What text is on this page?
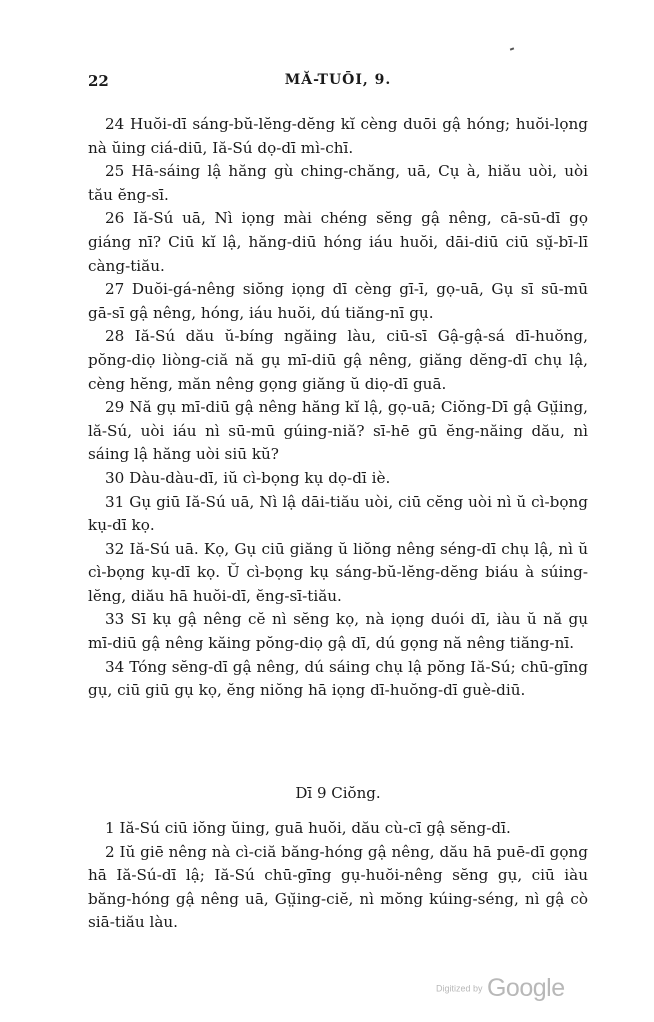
22	MĂ-TUŌI, 9.

24 Huŏi-dī sáng-bŭ-lĕng-dĕng kĭ cèng duōi gậ hóng; huŏi-lọng nà ŭing ciá-diū, Iă-Sú dọ-dī mì-chī.

25 Hā-sáing lậ hăng gù ching-chăng, uā, Cụ à, hiău uòi, uòi tău ĕng-sī.

26 Iă-Sú uā, Nì iọng mài chéng sĕng gậ nêng, cā-sū-dī gọ giáng nī? Ciū kĭ lậ, hăng-diū hóng iáu huŏi, dāi-diū ciū sṳ̆-bī-lī càng-tiău.

27 Duŏi-gá-nêng siŏng iọng dī cèng gī-ī, gọ-uā, Gụ sī sū-mū gā-sī gậ nêng, hóng, iáu huŏi, dú tiăng-nī gụ.

28 Iă-Sú dău ŭ-bíng ngăing làu, ciū-sī Gậ-gậ-sá dī-huŏng, pŏng-diọ liòng-ciă nă gụ mī-diū gậ nêng, giăng dĕng-dī chụ lậ, cèng hĕng, măn nêng gọng giăng ŭ diọ-dī guā.

29 Nă gụ mī-diū gậ nêng hăng kĭ lậ, gọ-uā; Ciŏng-Dī gậ Gṳ̆ing, lă-Sú, uòi iáu nì sū-mū gúing-niă? sī-hē gū ĕng-năing dău, nì sáing lậ hăng uòi siū kŭ?

30 Dàu-dàu-dī, iŭ cì-bọng kụ dọ-dī iè.

31 Gụ giū Iă-Sú uā, Nì lậ dāi-tiău uòi, ciū cĕng uòi nì ŭ cì-bọng kụ-dī kọ.

32 Iă-Sú uā. Kọ, Gụ ciū giăng ŭ liŏng nêng séng-dī chụ lậ, nì ŭ cì-bọng kụ-dī kọ. Ŭ cì-bọng kụ sáng-bŭ-lĕng-dĕng biáu à súing-lĕng, diău hā huŏi-dī, ĕng-sī-tiău.

33 Sī kụ gậ nêng cĕ nì sĕng kọ, nà iọng duói dī, iàu ŭ nă gụ mī-diū gậ nêng kăing pŏng-diọ gậ dī, dú gọng nă nêng tiăng-nī.

34 Tóng sĕng-dī gậ nêng, dú sáing chụ lậ pŏng Iă-Sú; chū-gīng gụ, ciū giū gụ kọ, ĕng niŏng hā iọng dī-huŏng-dī guè-diū.

Dī 9 Ciŏng.

1 Iă-Sú ciū iŏng ŭing, guā huŏi, dău cù-cī gậ sĕng-dī.

2 Iŭ giē nêng nà cì-ciă băng-hóng gậ nêng, dău hā puē-dī gọng hā Iă-Sú-dī lậ; Iă-Sú chū-gīng gụ-huŏi-nêng sĕng gụ, ciū iàu băng-hóng gậ nêng uā, Gṳ̆ing-ciĕ, nì mŏng kúing-séng, nì gậ cò siā-tiău làu.

Digitized by Google
